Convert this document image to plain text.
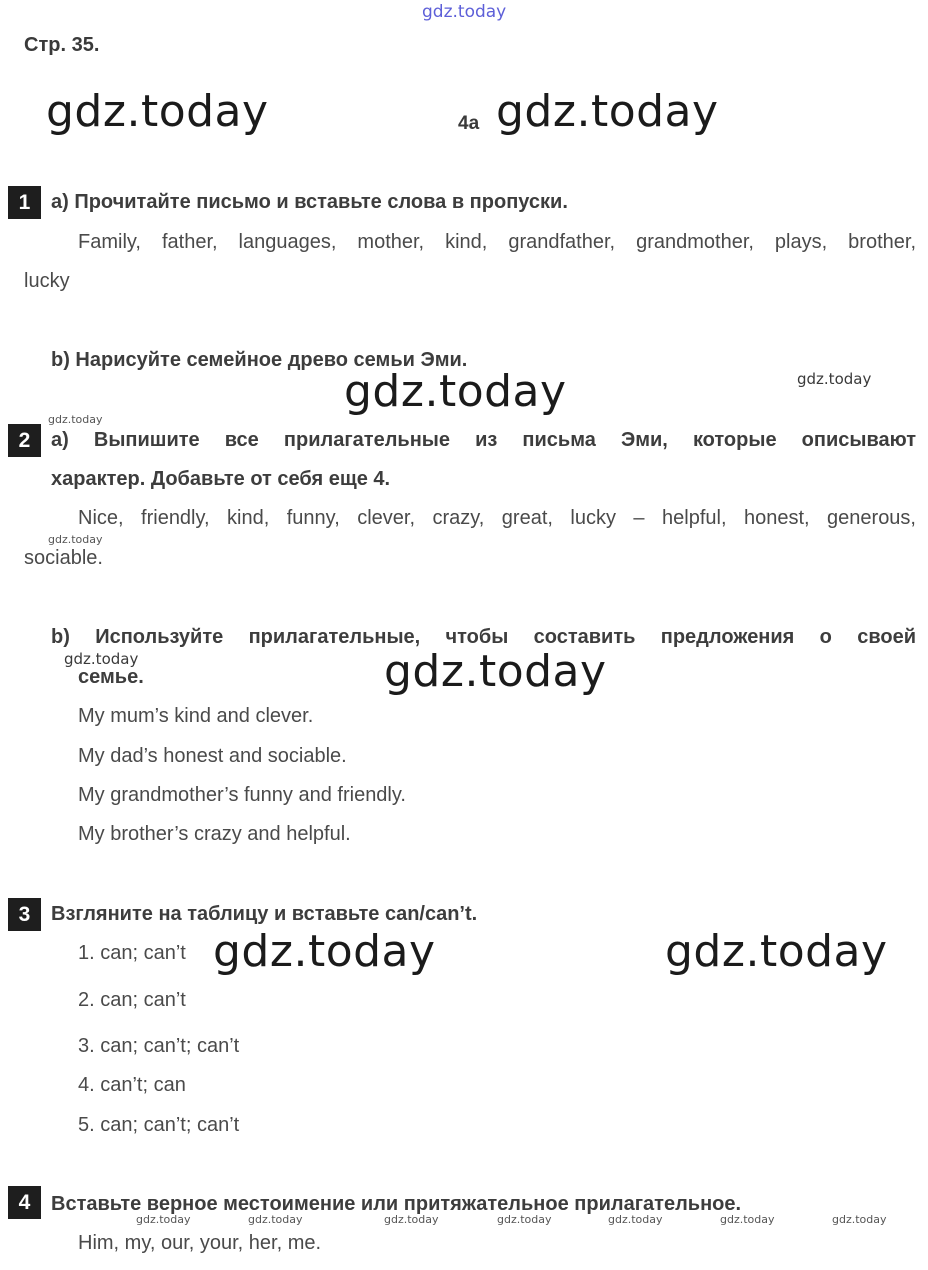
gdz.today
Стр. 35.
gdz.today	4a gdz.today
1	a) Прочитайте письмо и вставьте слова в пропуски.
Family, father, languages, mother, kind, grandfather, grandmother, plays, brother,
lucky
b) Нарисуйте семейное древо семьи Эми.
gdz.today	gdz.today
gdz.today
2	a) Выпишите все прилагательные из письма Эми, которые описывают
характер. Добавьте от себя еще 4.
Nice, friendly, kind, funny, clever, crazy, great, lucky – helpful, honest, generous,
gdz.today
sociable.
b) Используйте прилагательные, чтобы составить предложения о своей
gdz.today
семье.	gdz.today
My mum’s kind and clever.
My dad’s honest and sociable.
My grandmother’s funny and friendly.
My brother’s crazy and helpful.
3	Взгляните на таблицу и вставьте can/can’t.
1. can; can’t gdz.today	gdz.today
2. can; can’t
3. can; can’t; can’t
4. can’t; can
5. can; can’t; can’t
4	Вставьте верное местоимение или притяжательное прилагательное.
gdz.today	gdz.today	gdz.today	gdz.today	gdz.today	gdz.today	gdz.today
Him, my, our, your, her, me.
